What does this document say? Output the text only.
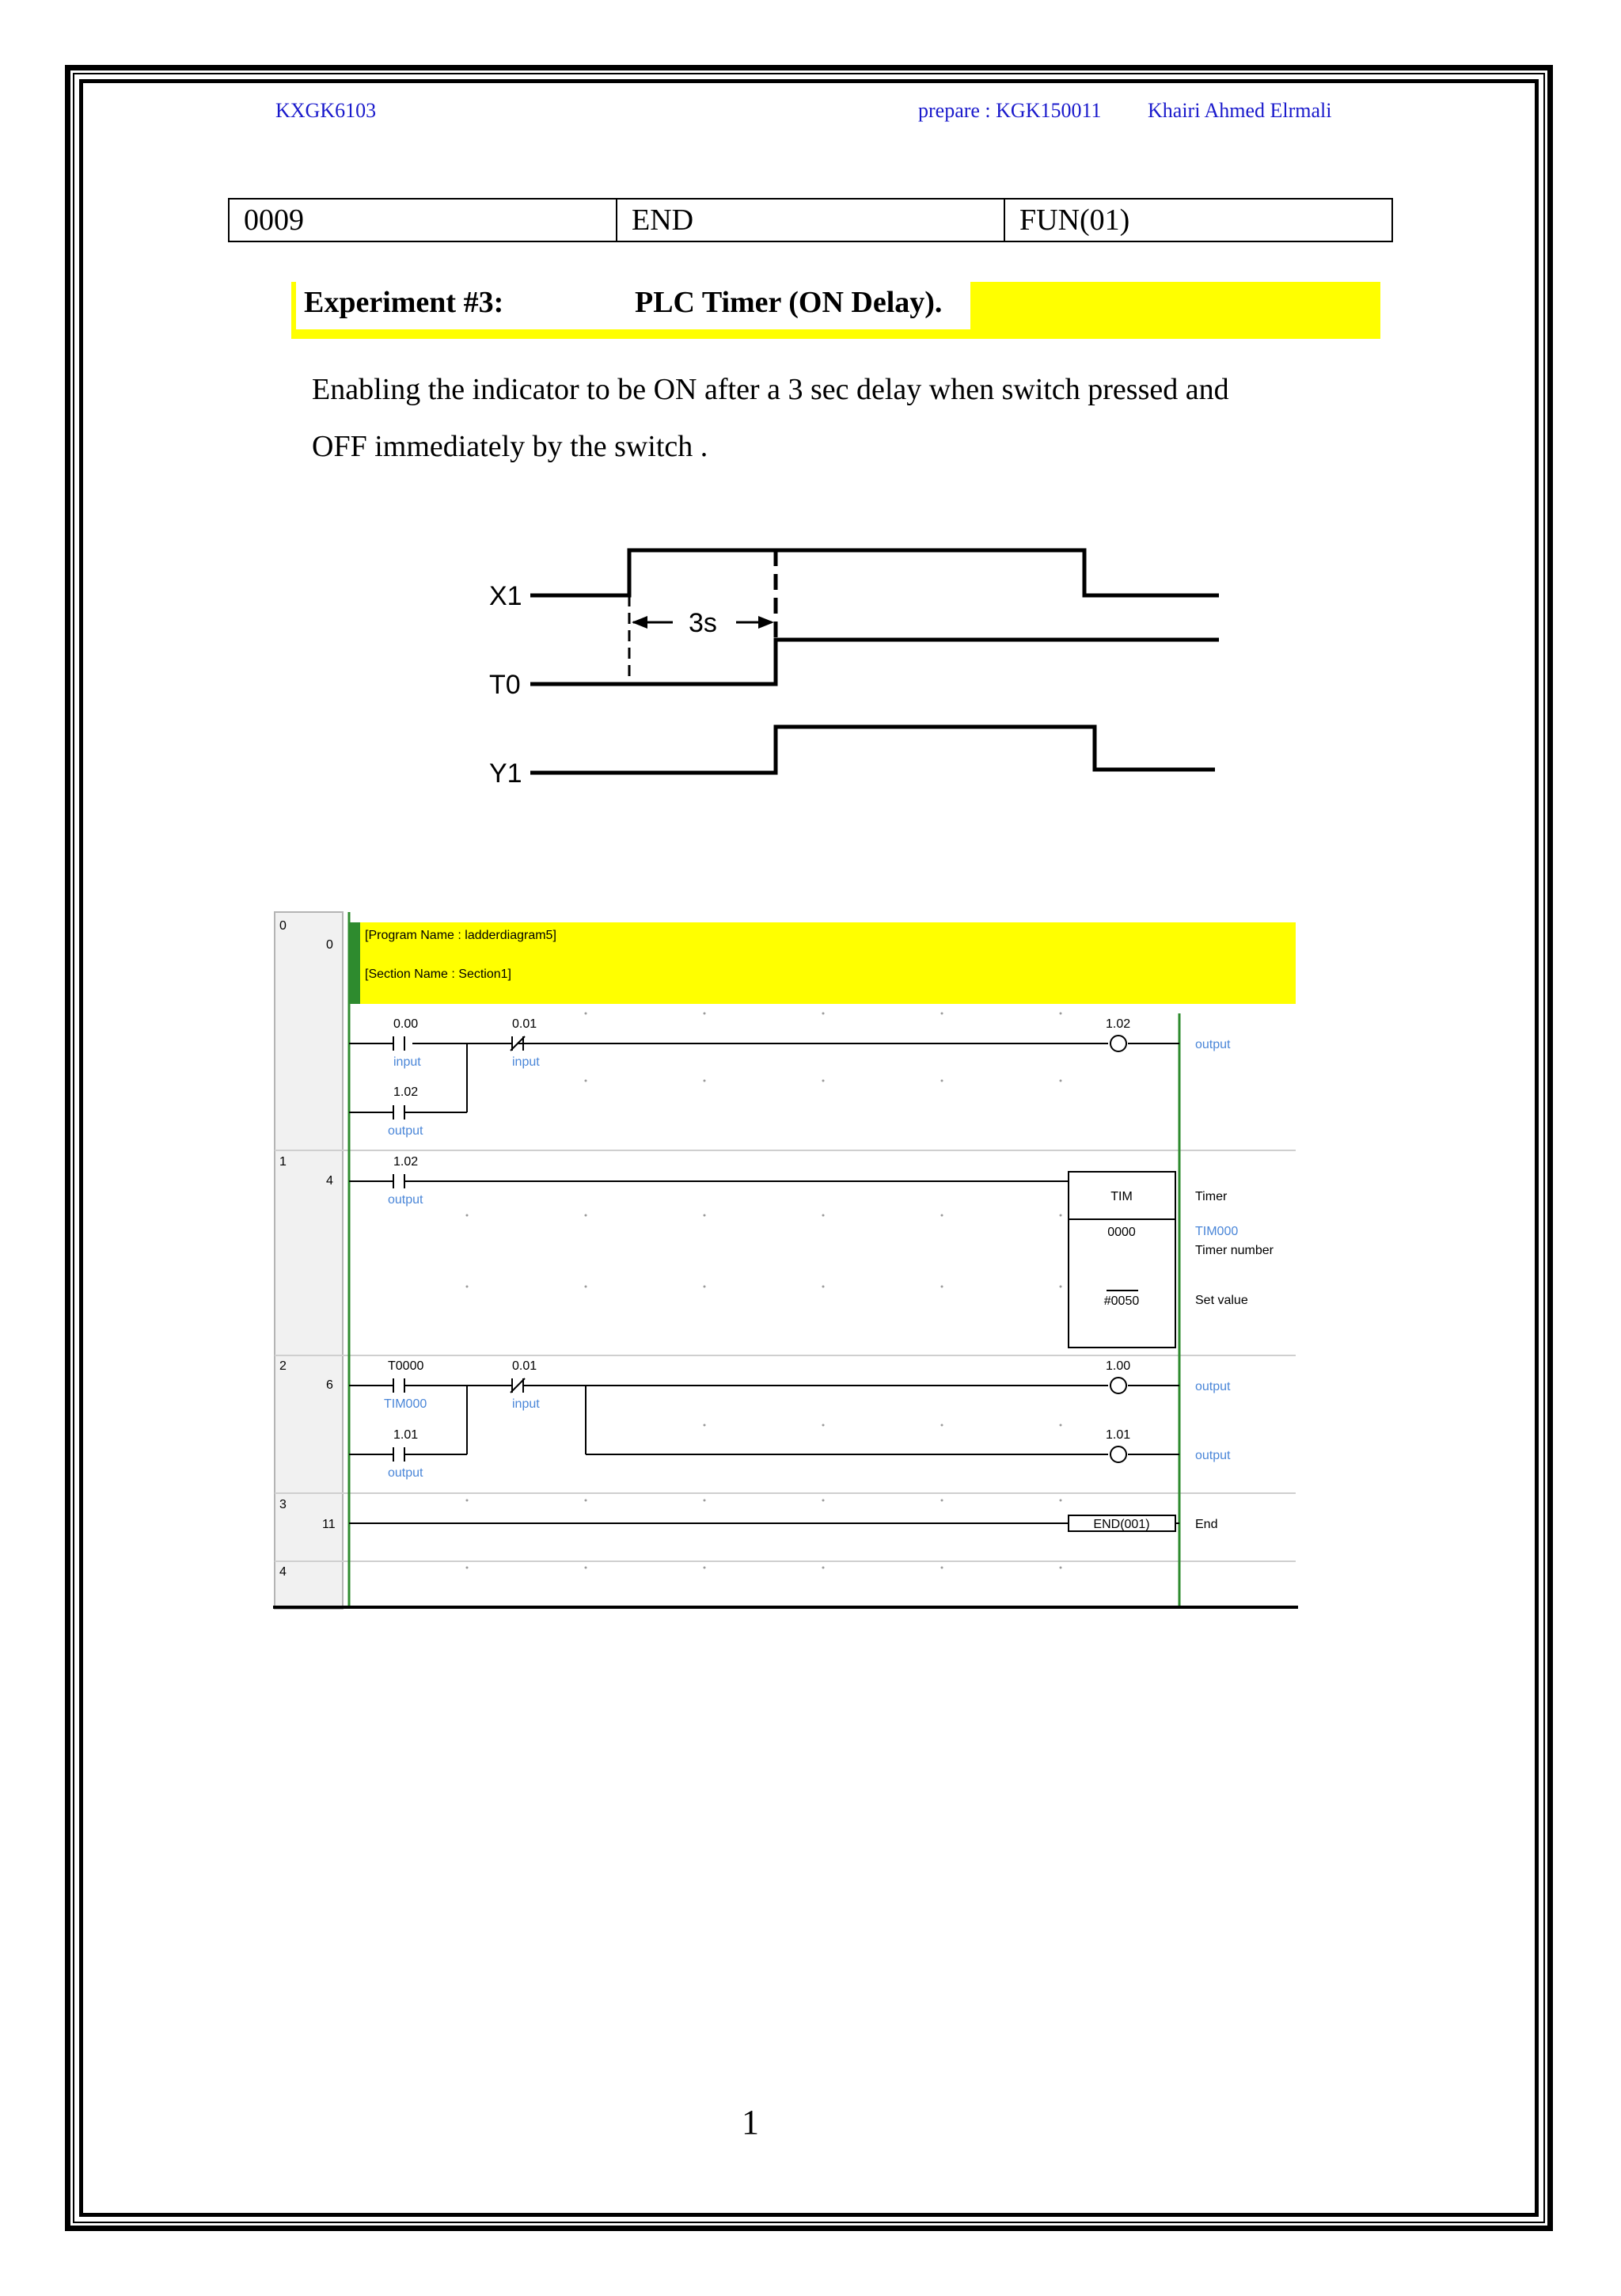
KXGK6103	prepare : KGK150011 Khairi Ahmed Elrmali
0009	END	FUN(01)
Experiment #3:	PLC Timer (ON Delay).
Enabling the indicator to be ON after a 3 sec delay when switch pressed and
OFF immediately by the switch .
X1
T0
Y1
3s
0
0
1
4
2
6
3
11
4
[Program Name : ladderdiagram5]
[Section Name : Section1]
0.00
input
0.01
input
1.02
output
1.02
output
1.02
output	TIM
0000
#0050
Timer
TIM000
Timer number
Set value
T0000
TIM000
0.01
input
1.01
output
1.00
output
1.01
output
END(001)	End
1
